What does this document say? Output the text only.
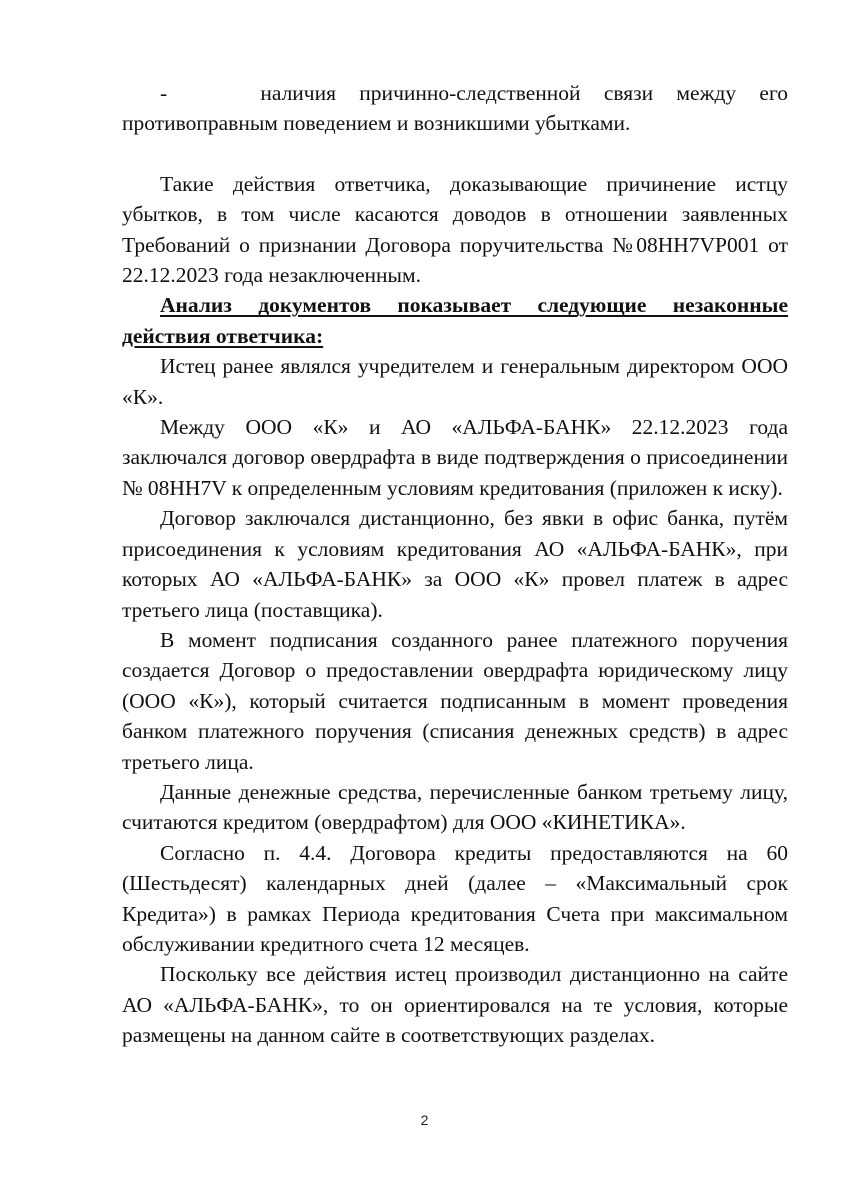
-    наличия причинно-следственной связи между его противоправным поведением и возникшими убытками.

Такие действия ответчика, доказывающие причинение истцу убытков, в том числе касаются доводов в отношении заявленных Требований о признании Договора поручительства №08НН7VP001 от 22.12.2023 года незаключенным.

Анализ документов показывает следующие незаконные действия ответчика:

Истец ранее являлся учредителем и генеральным директором ООО «К».

Между ООО «К» и АО «АЛЬФА-БАНК» 22.12.2023 года заключался договор овердрафта в виде подтверждения о присоединении № 08НН7V к определенным условиям кредитования (приложен к иску).

Договор заключался дистанционно, без явки в офис банка, путём присоединения к условиям кредитования АО «АЛЬФА-БАНК», при которых АО «АЛЬФА-БАНК» за ООО «К» провел платеж в адрес третьего лица (поставщика).

В момент подписания созданного ранее платежного поручения создается Договор о предоставлении овердрафта юридическому лицу (ООО «К»), который считается подписанным в момент проведения банком платежного поручения (списания денежных средств) в адрес третьего лица.

Данные денежные средства, перечисленные банком третьему лицу, считаются кредитом (овердрафтом) для ООО «КИНЕТИКА».

Согласно п. 4.4. Договора кредиты предоставляются на 60 (Шестьдесят) календарных дней (далее – «Максимальный срок Кредита») в рамках Периода кредитования Счета при максимальном обслуживании кредитного счета 12 месяцев.

Поскольку все действия истец производил дистанционно на сайте АО «АЛЬФА-БАНК», то он ориентировался на те условия, которые размещены на данном сайте в соответствующих разделах.

2
